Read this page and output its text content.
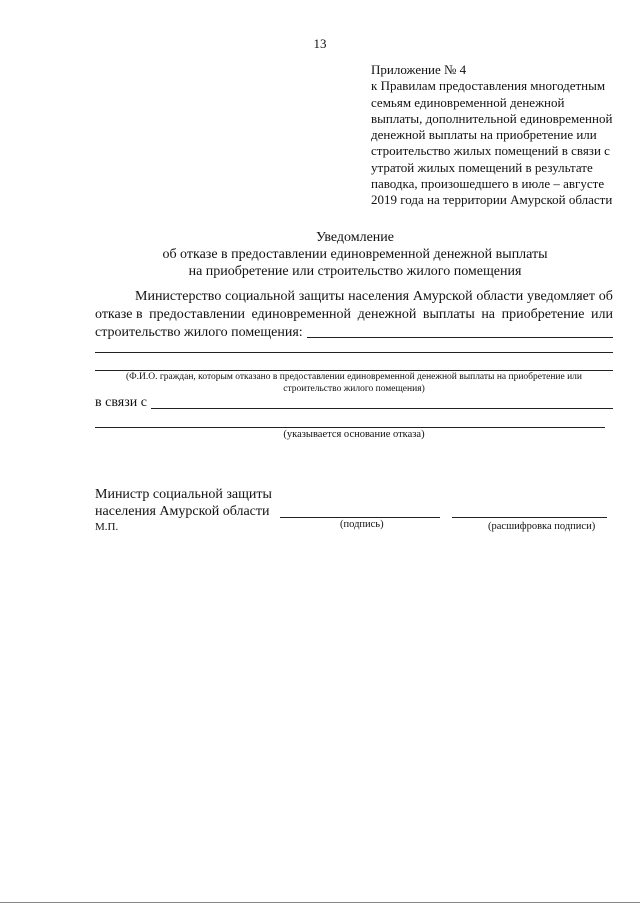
13
Приложение № 4
к Правилам предоставления многодетным
семьям единовременной денежной
выплаты, дополнительной единовременной
денежной выплаты на приобретение или
строительство жилых помещений в связи с
утратой жилых помещений в результате
паводка, произошедшего в июле – августе
2019 года на территории Амурской области
Уведомление
об отказе в предоставлении единовременной денежной выплаты
на приобретение или строительство жилого помещения
Министерство социальной защиты населения Амурской области уведомляет об
отказе в предоставлении единовременной денежной выплаты на приобретение или
строительство жилого помещения:
(Ф.И.О. граждан, которым отказано в предоставлении единовременной денежной выплаты на приобретение или
строительство жилого помещения)
в связи с
(указывается основание отказа)
Министр социальной защиты
населения Амурской области
М.П.	(подпись)	(расшифровка подписи)
